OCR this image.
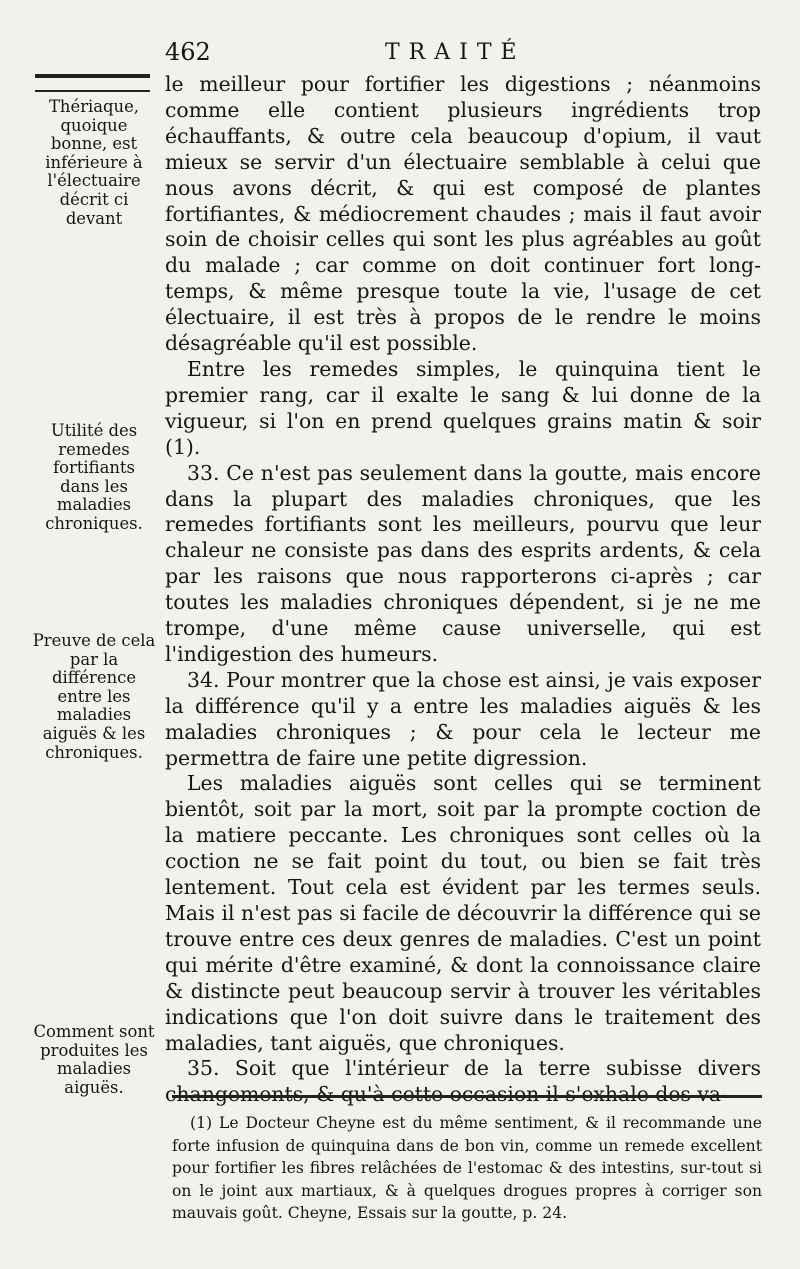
462	TRAITÉ
Thériaque, quoique bonne, est inférieure à l'électuaire décrit ci devant
Utilité des remedes fortifiants dans les maladies chroniques.
Preuve de cela par la différence entre les maladies aiguës & les chroniques.
Comment sont produites les maladies aiguës.

le meilleur pour fortifier les digestions ; néanmoins comme elle contient plusieurs ingrédients trop échauffants, & outre cela beaucoup d'opium, il vaut mieux se servir d'un électuaire semblable à celui que nous avons décrit, & qui est composé de plantes fortifiantes, & médiocrement chaudes ; mais il faut avoir soin de choisir celles qui sont les plus agréables au goût du malade ; car comme on doit continuer fort long-temps, & même presque toute la vie, l'usage de cet électuaire, il est très à propos de le rendre le moins désagréable qu'il est possible.

Entre les remedes simples, le quinquina tient le premier rang, car il exalte le sang & lui donne de la vigueur, si l'on en prend quelques grains matin & soir (1).

33. Ce n'est pas seulement dans la goutte, mais encore dans la plupart des maladies chroniques, que les remedes fortifiants sont les meilleurs, pourvu que leur chaleur ne consiste pas dans des esprits ardents, & cela par les raisons que nous rapporterons ci-après ; car toutes les maladies chroniques dépendent, si je ne me trompe, d'une même cause universelle, qui est l'indigestion des humeurs.

34. Pour montrer que la chose est ainsi, je vais exposer la différence qu'il y a entre les maladies aiguës & les maladies chroniques ; & pour cela le lecteur me permettra de faire une petite digression.

Les maladies aiguës sont celles qui se terminent bientôt, soit par la mort, soit par la prompte coction de la matiere peccante. Les chroniques sont celles où la coction ne se fait point du tout, ou bien se fait très lentement. Tout cela est évident par les termes seuls. Mais il n'est pas si facile de découvrir la différence qui se trouve entre ces deux genres de maladies. C'est un point qui mérite d'être examiné, & dont la connoissance claire & distincte peut beaucoup servir à trouver les véritables indications que l'on doit suivre dans le traitement des maladies, tant aiguës, que chroniques.

35. Soit que l'intérieur de la terre subisse divers changements, & qu'à cette occasion il s'exhale des va-

(1) Le Docteur Cheyne est du même sentiment, & il recommande une forte infusion de quinquina dans de bon vin, comme un remede excellent pour fortifier les fibres relâchées de l'estomac & des intestins, sur-tout si on le joint aux martiaux, & à quelques drogues propres à corriger son mauvais goût. Cheyne, Essais sur la goutte, p. 24.
